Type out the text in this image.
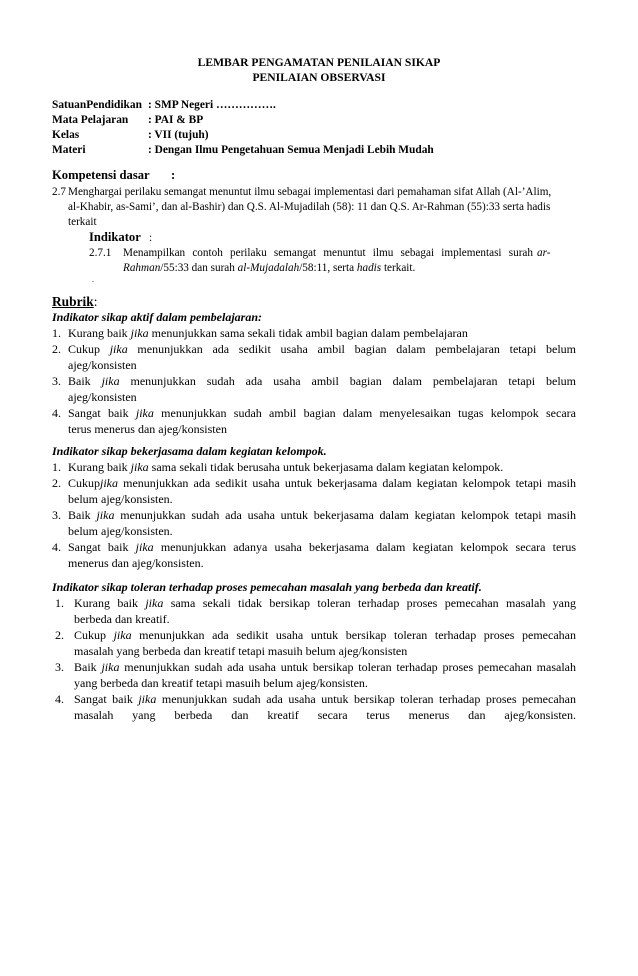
LEMBAR PENGAMATAN PENILAIAN SIKAP
PENILAIAN OBSERVASI
SatuanPendidikan : SMP Negeri …………….
Mata Pelajaran : PAI & BP
Kelas	: VII (tujuh)
Materi	: Dengan Ilmu Pengetahuan Semua Menjadi Lebih Mudah
Kompetensi dasar :
2.7 Menghargai perilaku semangat menuntut ilmu sebagai implementasi dari pemahaman sifat Allah (Al-’Alim,
al-Khabir, as-Sami’, dan al-Bashir) dan Q.S. Al-Mujadilah (58): 11 dan Q.S. Ar-Rahman (55):33 serta hadis
terkait
Indikator :
2.7.1 Menampilkan contoh perilaku semangat menuntut ilmu sebagai implementasi surah ar-
Rahman/55:33 dan surah al-Mujadalah/58:11, serta hadis terkait.
.
Rubrik:
Indikator sikap aktif dalam pembelajaran:
1. Kurang baik jika menunjukkan sama sekali tidak ambil bagian dalam pembelajaran
2. Cukup jika menunjukkan ada sedikit usaha ambil bagian dalam pembelajaran tetapi belum
ajeg/konsisten
3. Baik jika menunjukkan sudah ada usaha ambil bagian dalam pembelajaran tetapi belum
ajeg/konsisten
4. Sangat baik jika menunjukkan sudah ambil bagian dalam menyelesaikan tugas kelompok secara
terus menerus dan ajeg/konsisten
Indikator sikap bekerjasama dalam kegiatan kelompok.
1. Kurang baik jika sama sekali tidak berusaha untuk bekerjasama dalam kegiatan kelompok.
2. Cukupjika menunjukkan ada sedikit usaha untuk bekerjasama dalam kegiatan kelompok tetapi masih
belum ajeg/konsisten.
3. Baik jika menunjukkan sudah ada usaha untuk bekerjasama dalam kegiatan kelompok tetapi masih
belum ajeg/konsisten.
4. Sangat baik jika menunjukkan adanya usaha bekerjasama dalam kegiatan kelompok secara terus
menerus dan ajeg/konsisten.
Indikator sikap toleran terhadap proses pemecahan masalah yang berbeda dan kreatif.
1. Kurang baik jika sama sekali tidak bersikap toleran terhadap proses pemecahan masalah yang
berbeda dan kreatif.
2. Cukup jika menunjukkan ada sedikit usaha untuk bersikap toleran terhadap proses pemecahan
masalah yang berbeda dan kreatif tetapi masuih belum ajeg/konsisten
3. Baik jika menunjukkan sudah ada usaha untuk bersikap toleran terhadap proses pemecahan masalah
yang berbeda dan kreatif tetapi masuih belum ajeg/konsisten.
4. Sangat baik jika menunjukkan sudah ada usaha untuk bersikap toleran terhadap proses pemecahan
masalah yang berbeda dan kreatif secara terus menerus dan ajeg/konsisten.
